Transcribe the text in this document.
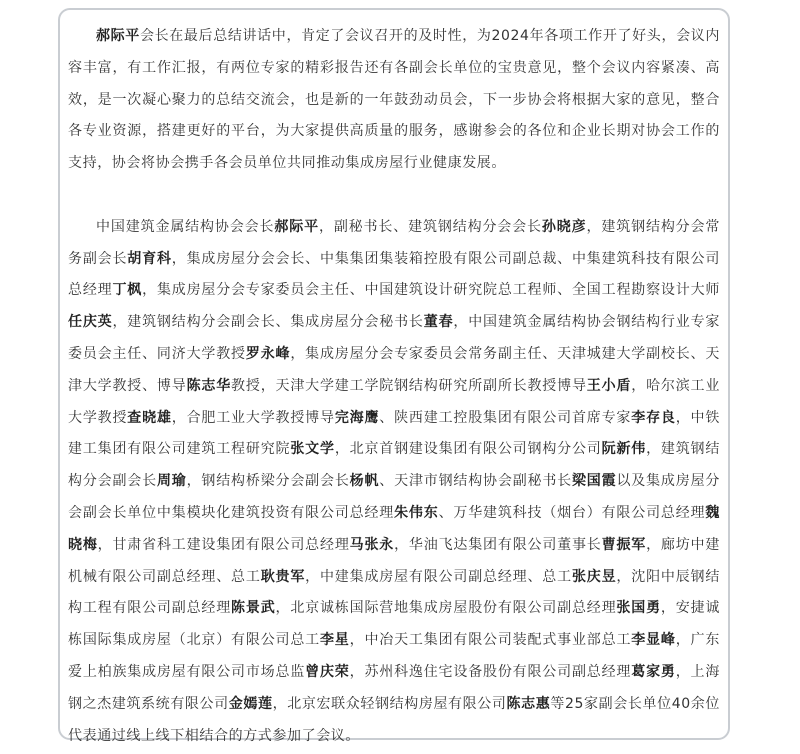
郝际平会长在最后总结讲话中，肯定了会议召开的及时性，为2024年各项工作开了好头，会议内容丰富，有工作汇报，有两位专家的精彩报告还有各副会长单位的宝贵意见，整个会议内容紧凑、高效，是一次凝心聚力的总结交流会，也是新的一年鼓劲动员会，下一步协会将根据大家的意见，整合各专业资源，搭建更好的平台，为大家提供高质量的服务，感谢参会的各位和企业长期对协会工作的支持，协会将协会携手各会员单位共同推动集成房屋行业健康发展。

中国建筑金属结构协会会长郝际平，副秘书长、建筑钢结构分会会长孙晓彦，建筑钢结构分会常务副会长胡育科，集成房屋分会会长、中集集团集装箱控股有限公司副总裁、中集建筑科技有限公司总经理丁枫，集成房屋分会专家委员会主任、中国建筑设计研究院总工程师、全国工程勘察设计大师任庆英，建筑钢结构分会副会长、集成房屋分会秘书长董春，中国建筑金属结构协会钢结构行业专家委员会主任、同济大学教授罗永峰，集成房屋分会专家委员会常务副主任、天津城建大学副校长、天津大学教授、博导陈志华教授，天津大学建工学院钢结构研究所副所长教授博导王小盾，哈尔滨工业大学教授查晓雄，合肥工业大学教授博导完海鹰、陕西建工控股集团有限公司首席专家李存良，中铁建工集团有限公司建筑工程研究院张文学，北京首钢建设集团有限公司钢构分公司阮新伟，建筑钢结构分会副会长周瑜，钢结构桥梁分会副会长杨帆、天津市钢结构协会副秘书长梁国霞以及集成房屋分会副会长单位中集模块化建筑投资有限公司总经理朱伟东、万华建筑科技（烟台）有限公司总经理魏晓梅，甘肃省科工建设集团有限公司总经理马张永，华油飞达集团有限公司董事长曹振军，廊坊中建机械有限公司副总经理、总工耿贵军，中建集成房屋有限公司副总经理、总工张庆昱，沈阳中辰钢结构工程有限公司副总经理陈景武，北京诚栋国际营地集成房屋股份有限公司副总经理张国勇，安捷诚栋国际集成房屋（北京）有限公司总工李星，中冶天工集团有限公司装配式事业部总工李显峰，广东爱上柏族集成房屋有限公司市场总监曾庆荣，苏州科逸住宅设备股份有限公司副总经理葛家勇，上海钢之杰建筑系统有限公司金嫣莲，北京宏联众轻钢结构房屋有限公司陈志惠等25家副会长单位40余位代表通过线上线下相结合的方式参加了会议。
